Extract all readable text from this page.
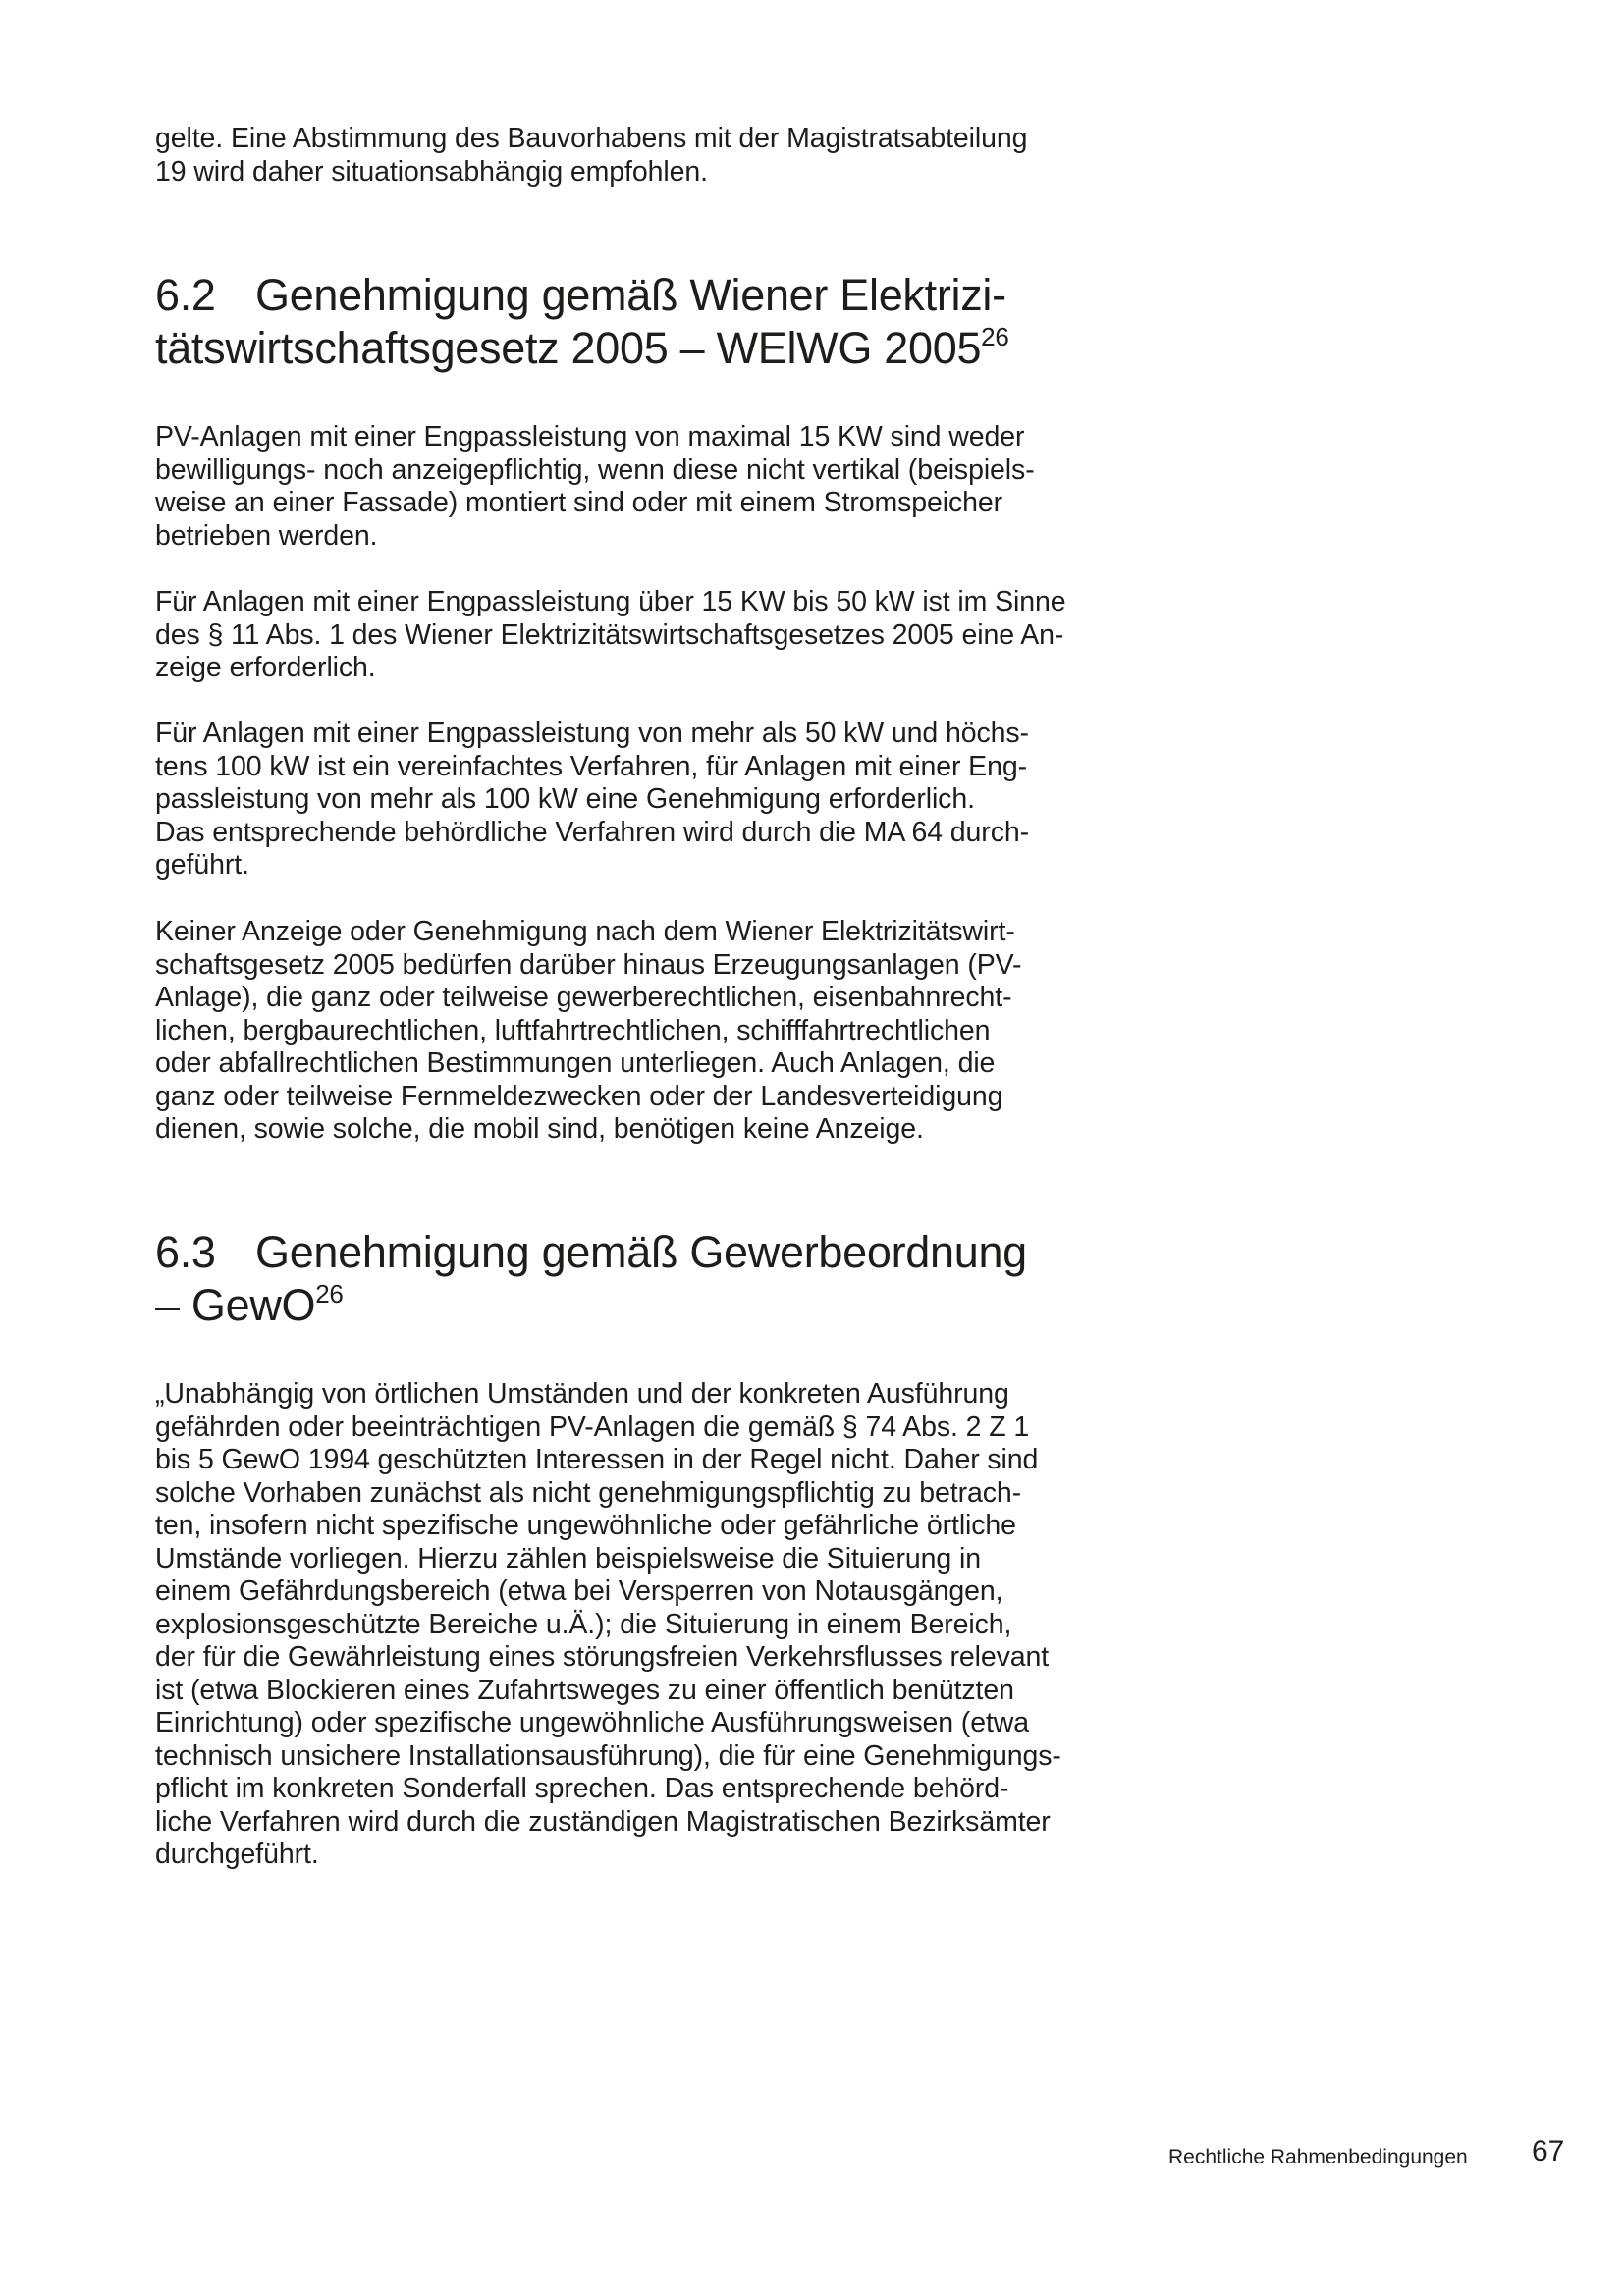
gelte. Eine Abstimmung des Bauvorhabens mit der Magistratsabteilung
19 wird daher situationsabhängig empfohlen.
6.2 Genehmigung gemäß Wiener Elektrizi-
tätswirtschaftsgesetz 2005 – WElWG 2005$^{26}$
PV-Anlagen mit einer Engpassleistung von maximal 15 KW sind weder
bewilligungs- noch anzeigepflichtig, wenn diese nicht vertikal (beispiels-
weise an einer Fassade) montiert sind oder mit einem Stromspeicher
betrieben werden.
Für Anlagen mit einer Engpassleistung über 15 KW bis 50 kW ist im Sinne
des § 11 Abs. 1 des Wiener Elektrizitätswirtschaftsgesetzes 2005 eine An-
zeige erforderlich.
Für Anlagen mit einer Engpassleistung von mehr als 50 kW und höchs-
tens 100 kW ist ein vereinfachtes Verfahren, für Anlagen mit einer Eng-
passleistung von mehr als 100 kW eine Genehmigung erforderlich.
Das entsprechende behördliche Verfahren wird durch die MA 64 durch-
geführt.
Keiner Anzeige oder Genehmigung nach dem Wiener Elektrizitätswirt-
schaftsgesetz 2005 bedürfen darüber hinaus Erzeugungsanlagen (PV-
Anlage), die ganz oder teilweise gewerberechtlichen, eisenbahnrecht-
lichen, bergbaurechtlichen, luftfahrtrechtlichen, schifffahrtrechtlichen
oder abfallrechtlichen Bestimmungen unterliegen. Auch Anlagen, die
ganz oder teilweise Fernmeldezwecken oder der Landesverteidigung
dienen, sowie solche, die mobil sind, benötigen keine Anzeige.
6.3 Genehmigung gemäß Gewerbeordnung
– GewO$^{26}$
„Unabhängig von örtlichen Umständen und der konkreten Ausführung
gefährden oder beeinträchtigen PV-Anlagen die gemäß § 74 Abs. 2 Z 1
bis 5 GewO 1994 geschützten Interessen in der Regel nicht. Daher sind
solche Vorhaben zunächst als nicht genehmigungspflichtig zu betrach-
ten, insofern nicht spezifische ungewöhnliche oder gefährliche örtliche
Umstände vorliegen. Hierzu zählen beispielsweise die Situierung in
einem Gefährdungsbereich (etwa bei Versperren von Notausgängen,
explosionsgeschützte Bereiche u.Ä.); die Situierung in einem Bereich,
der für die Gewährleistung eines störungsfreien Verkehrsflusses relevant
ist (etwa Blockieren eines Zufahrtsweges zu einer öffentlich benützten
Einrichtung) oder spezifische ungewöhnliche Ausführungsweisen (etwa
technisch unsichere Installationsausführung), die für eine Genehmigungs-
pflicht im konkreten Sonderfall sprechen. Das entsprechende behörd-
liche Verfahren wird durch die zuständigen Magistratischen Bezirksämter
durchgeführt.
Rechtliche Rahmenbedingungen 67
